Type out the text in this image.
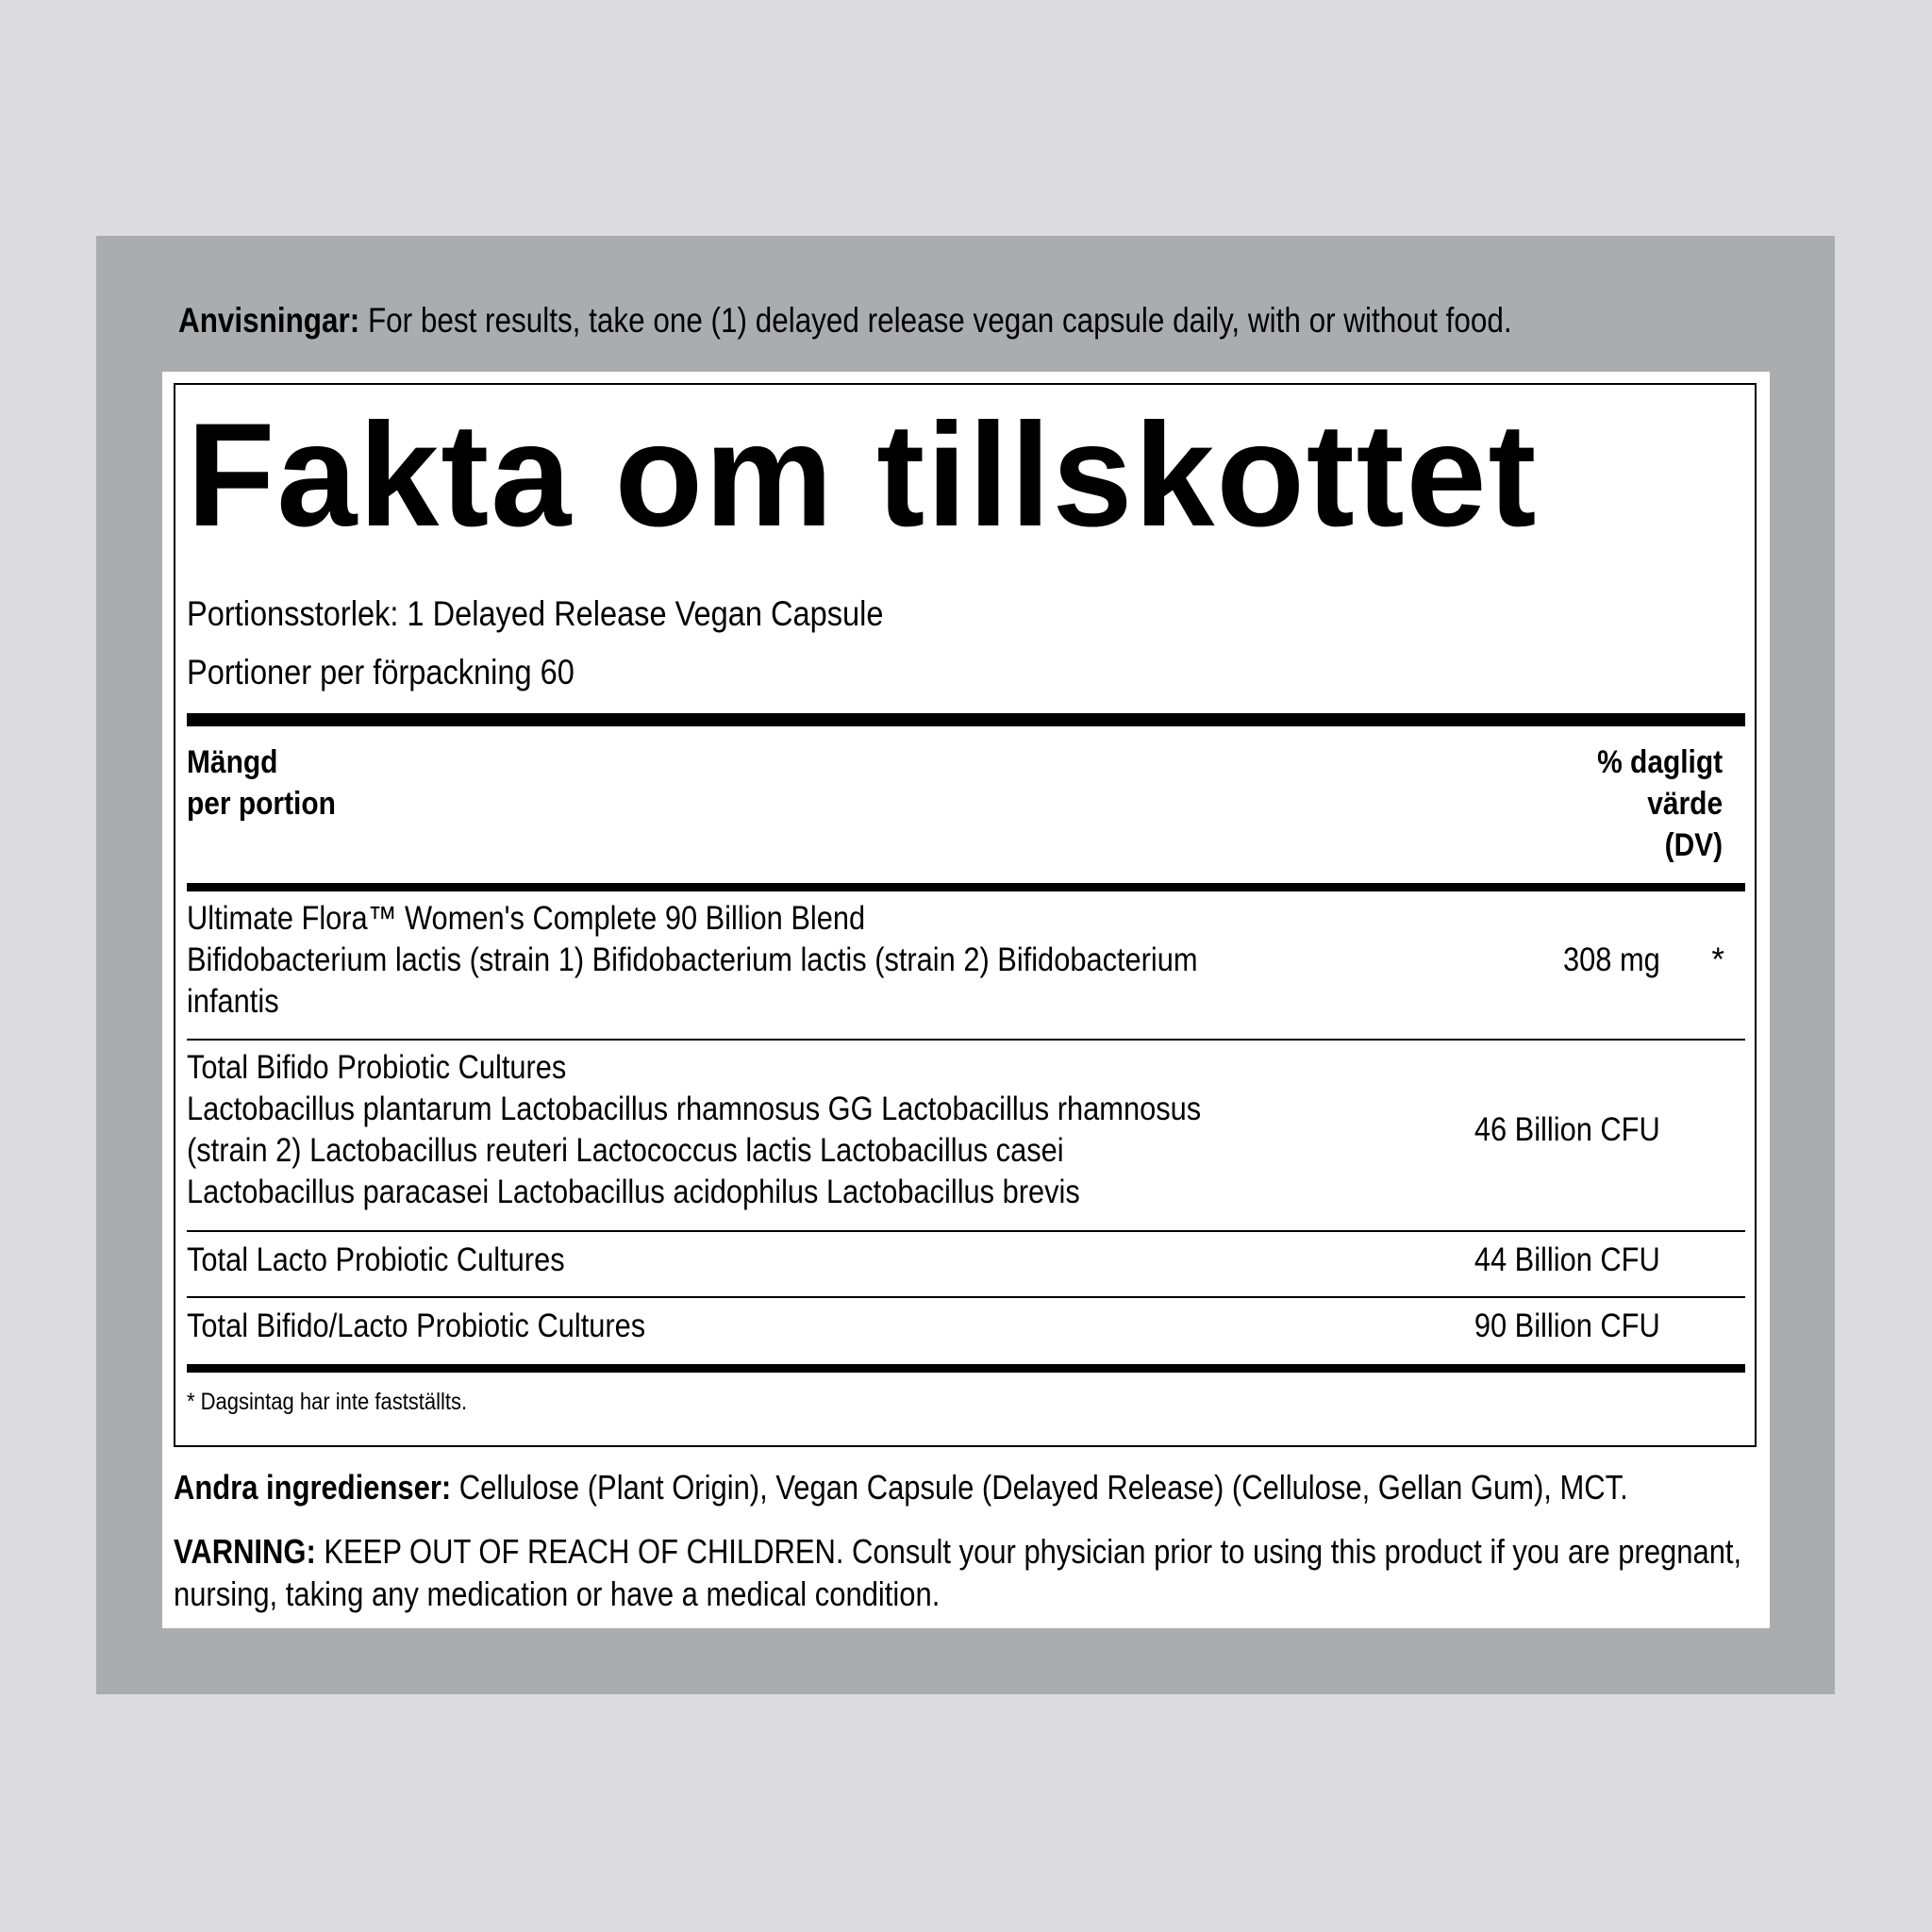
Anvisningar: For best results, take one (1) delayed release vegan capsule daily, with or without food.
Fakta om tillskottet
Portionsstorlek: 1 Delayed Release Vegan Capsule
Portioner per förpackning 60
Mängd
per portion
% dagligt
värde
(DV)
Ultimate Flora™ Women's Complete 90 Billion Blend
Bifidobacterium lactis (strain 1) Bifidobacterium lactis (strain 2) Bifidobacterium
infantis
308 mg *
Total Bifido Probiotic Cultures
Lactobacillus plantarum Lactobacillus rhamnosus GG Lactobacillus rhamnosus
(strain 2) Lactobacillus reuteri Lactococcus lactis Lactobacillus casei
Lactobacillus paracasei Lactobacillus acidophilus Lactobacillus brevis
46 Billion CFU
Total Lacto Probiotic Cultures	44 Billion CFU
Total Bifido/Lacto Probiotic Cultures	90 Billion CFU
* Dagsintag har inte fastställts.
Andra ingredienser: Cellulose (Plant Origin), Vegan Capsule (Delayed Release) (Cellulose, Gellan Gum), MCT.
VARNING: KEEP OUT OF REACH OF CHILDREN. Consult your physician prior to using this product if you are pregnant,
nursing, taking any medication or have a medical condition.
